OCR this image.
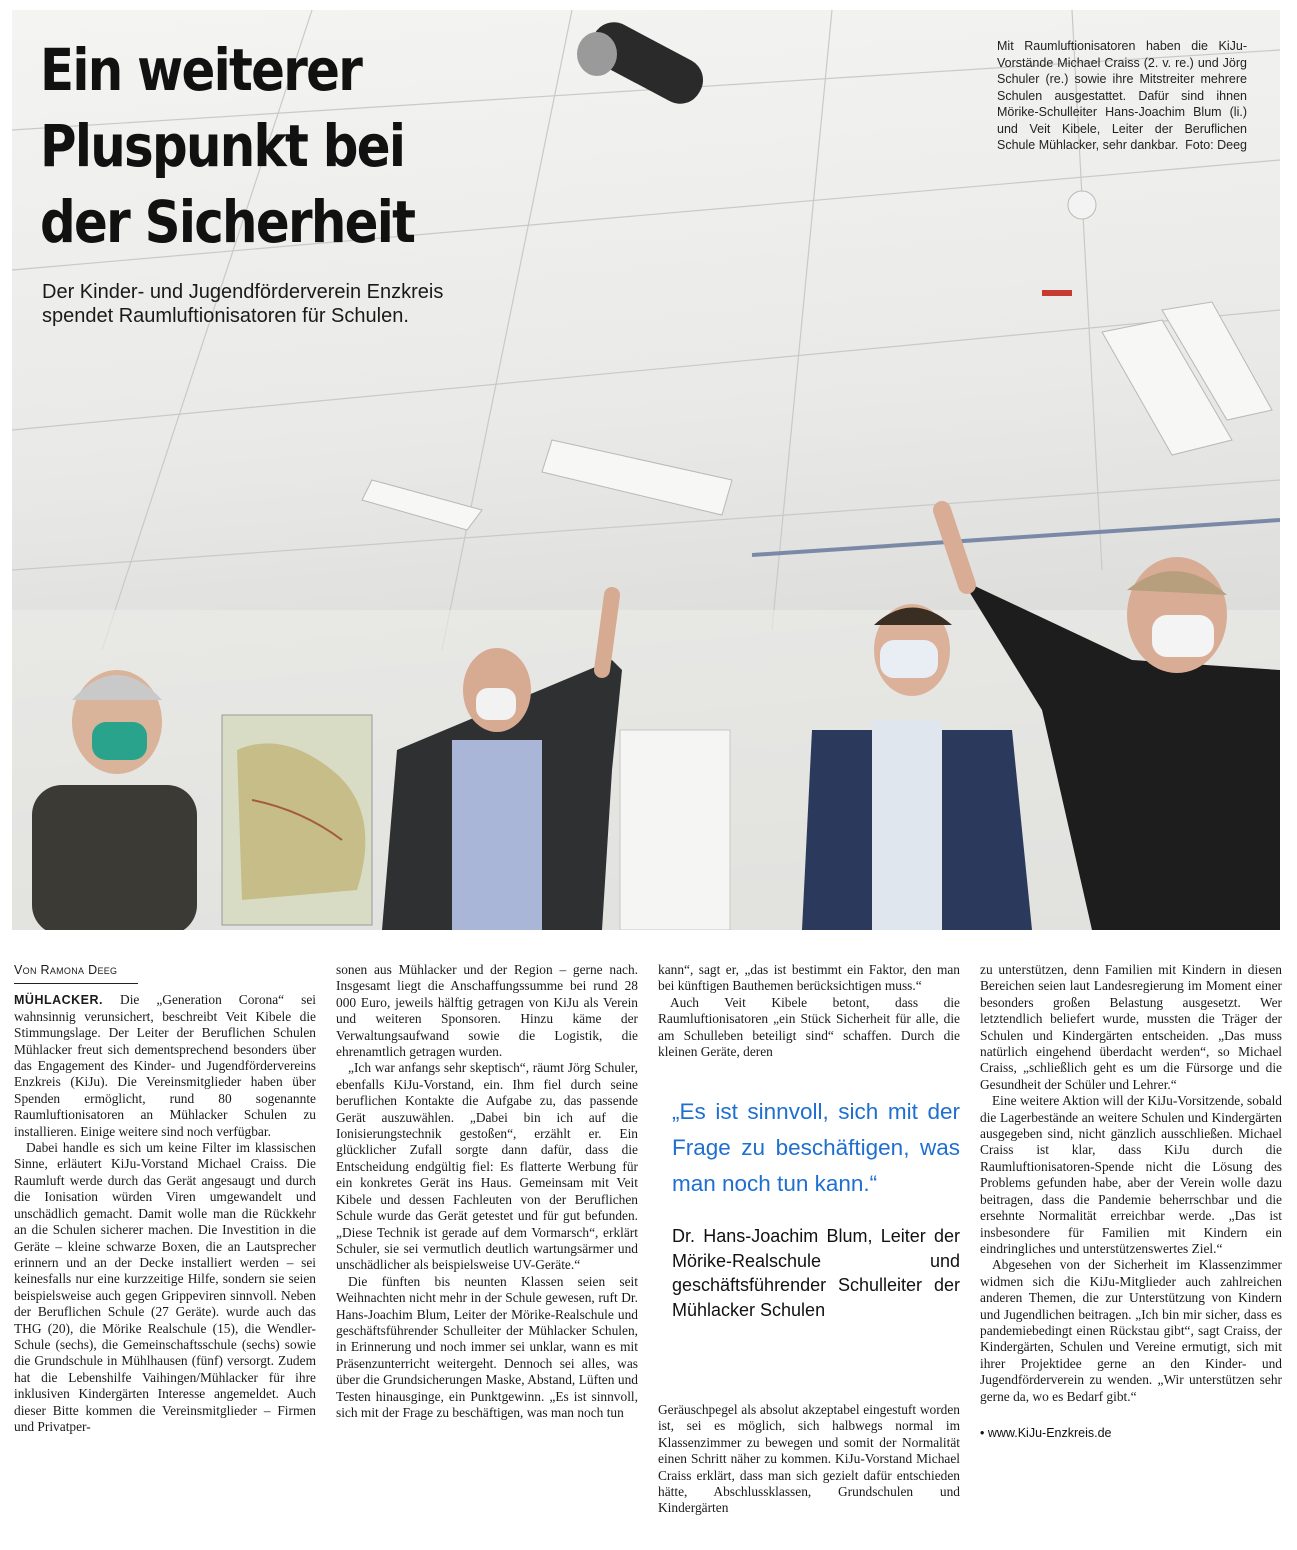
Ein weiterer
Pluspunkt bei
der Sicherheit

Der Kinder- und Jugendförderverein Enzkreis
spendet Raumluftionisatoren für Schulen.

Mit Raumluftionisatoren haben die KiJu-Vorstände Michael Craiss (2. v. re.) und Jörg Schuler (re.) sowie ihre Mitstreiter mehrere Schulen ausgestattet. Dafür sind ihnen Mörike-Schulleiter Hans-Joachim Blum (li.) und Veit Kibele, Leiter der Beruflichen Schule Mühlacker, sehr dankbar. Foto: Deeg
Von Ramona Deeg

MÜHLACKER. Die „Generation Corona“ sei wahnsinnig verunsichert, beschreibt Veit Kibele die Stimmungslage. Der Leiter der Beruflichen Schulen Mühlacker freut sich dementsprechend besonders über das Engagement des Kinder- und Jugendfördervereins Enzkreis (KiJu). Die Vereinsmitglieder haben über Spenden ermöglicht, rund 80 sogenannte Raumluftionisatoren an Mühlacker Schulen zu installieren. Einige weitere sind noch verfügbar.

Dabei handle es sich um keine Filter im klassischen Sinne, erläutert KiJu-Vorstand Michael Craiss. Die Raumluft werde durch das Gerät angesaugt und durch die Ionisation würden Viren umgewandelt und unschädlich gemacht. Damit wolle man die Rückkehr an die Schulen sicherer machen. Die Investition in die Geräte – kleine schwarze Boxen, die an Lautsprecher erinnern und an der Decke installiert werden – sei keinesfalls nur eine kurzzeitige Hilfe, sondern sie seien beispielsweise auch gegen Grippeviren sinnvoll. Neben der Beruflichen Schule (27 Geräte). wurde auch das THG (20), die Mörike Realschule (15), die Wendler-Schule (sechs), die Gemeinschaftsschule (sechs) sowie die Grundschule in Mühlhausen (fünf) versorgt. Zudem hat die Lebenshilfe Vaihingen/Mühlacker für ihre inklusiven Kindergärten Interesse angemeldet. Auch dieser Bitte kommen die Vereinsmitglieder – Firmen und Privatper-

sonen aus Mühlacker und der Region – gerne nach. Insgesamt liegt die Anschaffungssumme bei rund 28 000 Euro, jeweils hälftig getragen von KiJu als Verein und weiteren Sponsoren. Hinzu käme der Verwaltungsaufwand sowie die Logistik, die ehrenamtlich getragen wurden.

„Ich war anfangs sehr skeptisch“, räumt Jörg Schuler, ebenfalls KiJu-Vorstand, ein. Ihm fiel durch seine beruflichen Kontakte die Aufgabe zu, das passende Gerät auszuwählen. „Dabei bin ich auf die Ionisierungstechnik gestoßen“, erzählt er. Ein glücklicher Zufall sorgte dann dafür, dass die Entscheidung endgültig fiel: Es flatterte Werbung für ein konkretes Gerät ins Haus. Gemeinsam mit Veit Kibele und dessen Fachleuten von der Beruflichen Schule wurde das Gerät getestet und für gut befunden. „Diese Technik ist gerade auf dem Vormarsch“, erklärt Schuler, sie sei vermutlich deutlich wartungsärmer und unschädlicher als beispielsweise UV-Geräte.“

Die fünften bis neunten Klassen seien seit Weihnachten nicht mehr in der Schule gewesen, ruft Dr. Hans-Joachim Blum, Leiter der Mörike-Realschule und geschäftsführender Schulleiter der Mühlacker Schulen, in Erinnerung und noch immer sei unklar, wann es mit Präsenzunterricht weitergeht. Dennoch sei alles, was über die Grundsicherungen Maske, Abstand, Lüften und Testen hinausginge, ein Punktgewinn. „Es ist sinnvoll, sich mit der Frage zu beschäftigen, was man noch tun

kann“, sagt er, „das ist bestimmt ein Faktor, den man bei künftigen Bauthemen berücksichtigen muss.“

Auch Veit Kibele betont, dass die Raumluftionisatoren „ein Stück Sicherheit für alle, die am Schulleben beteiligt sind“ schaffen. Durch die kleinen Geräte, deren

„Es ist sinnvoll, sich mit der Frage zu beschäftigen, was man noch tun kann.“
Dr. Hans-Joachim Blum, Leiter der Mörike-Realschule und geschäftsführender Schulleiter der Mühlacker Schulen

Geräuschpegel als absolut akzeptabel eingestuft worden ist, sei es möglich, sich halbwegs normal im Klassenzimmer zu bewegen und somit der Normalität einen Schritt näher zu kommen. KiJu-Vorstand Michael Craiss erklärt, dass man sich gezielt dafür entschieden hätte, Abschlussklassen, Grundschulen und Kindergärten

zu unterstützen, denn Familien mit Kindern in diesen Bereichen seien laut Landesregierung im Moment einer besonders großen Belastung ausgesetzt. Wer letztendlich beliefert wurde, mussten die Träger der Schulen und Kindergärten entscheiden. „Das muss natürlich eingehend überdacht werden“, so Michael Craiss, „schließlich geht es um die Fürsorge und die Gesundheit der Schüler und Lehrer.“

Eine weitere Aktion will der KiJu-Vorsitzende, sobald die Lagerbestände an weitere Schulen und Kindergärten ausgegeben sind, nicht gänzlich ausschließen. Michael Craiss ist klar, dass KiJu durch die Raumluftionisatoren-Spende nicht die Lösung des Problems gefunden habe, aber der Verein wolle dazu beitragen, dass die Pandemie beherrschbar und die ersehnte Normalität erreichbar werde. „Das ist insbesondere für Familien mit Kindern ein eindringliches und unterstützenswertes Ziel.“

Abgesehen von der Sicherheit im Klassenzimmer widmen sich die KiJu-Mitglieder auch zahlreichen anderen Themen, die zur Unterstützung von Kindern und Jugendlichen beitragen. „Ich bin mir sicher, dass es pandemiebedingt einen Rückstau gibt“, sagt Craiss, der Kindergärten, Schulen und Vereine ermutigt, sich mit ihrer Projektidee gerne an den Kinder- und Jugendförderverein zu wenden. „Wir unterstützen sehr gerne da, wo es Bedarf gibt.“

• www.KiJu-Enzkreis.de
